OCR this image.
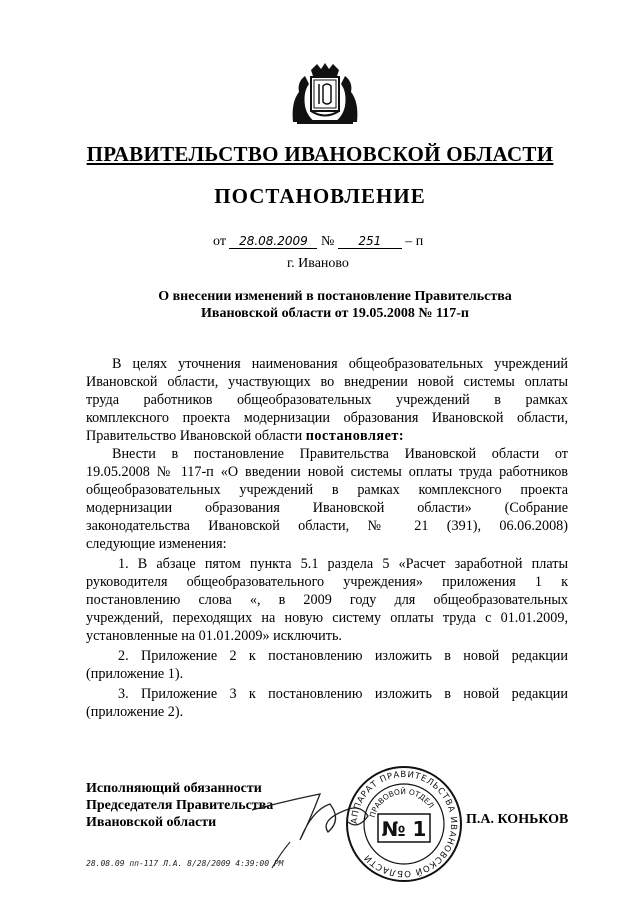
ПРАВИТЕЛЬСТВО ИВАНОВСКОЙ ОБЛАСТИ
ПОСТАНОВЛЕНИЕ
от 28.08.2009 № 251 – п
г. Иваново
О внесении изменений в постановление Правительства
Ивановской области от 19.05.2008 № 117-п
В целях уточнения наименования общеобразовательных учреждений
Ивановской области, участвующих во внедрении новой системы оплаты
труда работников общеобразовательных учреждений в рамках
комплексного проекта модернизации образования Ивановской области,
Правительство Ивановской области постановляет:
Внести в постановление Правительства Ивановской области от
19.05.2008 № 117-п «О введении новой системы оплаты труда работников
общеобразовательных учреждений в рамках комплексного проекта
модернизации образования Ивановской области» (Собрание
законодательства Ивановской области, № 21 (391), 06.06.2008)
следующие изменения:
1. В абзаце пятом пункта 5.1 раздела 5 «Расчет заработной платы
руководителя общеобразовательного учреждения» приложения 1 к
постановлению слова «, в 2009 году для общеобразовательных
учреждений, переходящих на новую систему оплаты труда с 01.01.2009,
установленные на 01.01.2009» исключить.
2. Приложение 2 к постановлению изложить в новой редакции
(приложение 1).
3. Приложение 3 к постановлению изложить в новой редакции
(приложение 2).
Исполняющий обязанности
Председателя Правительства
Ивановской области	П.А. КОНЬКОВ
АППАРАТ ПРАВИТЕЛЬСТВА ИВАНОВСКОЙ ОБЛАСТИ
ПРАВОВОЙ ОТДЕЛ
№ 1
28.08.09 пп-117 Л.А. 8/28/2009 4:39:00 PM
